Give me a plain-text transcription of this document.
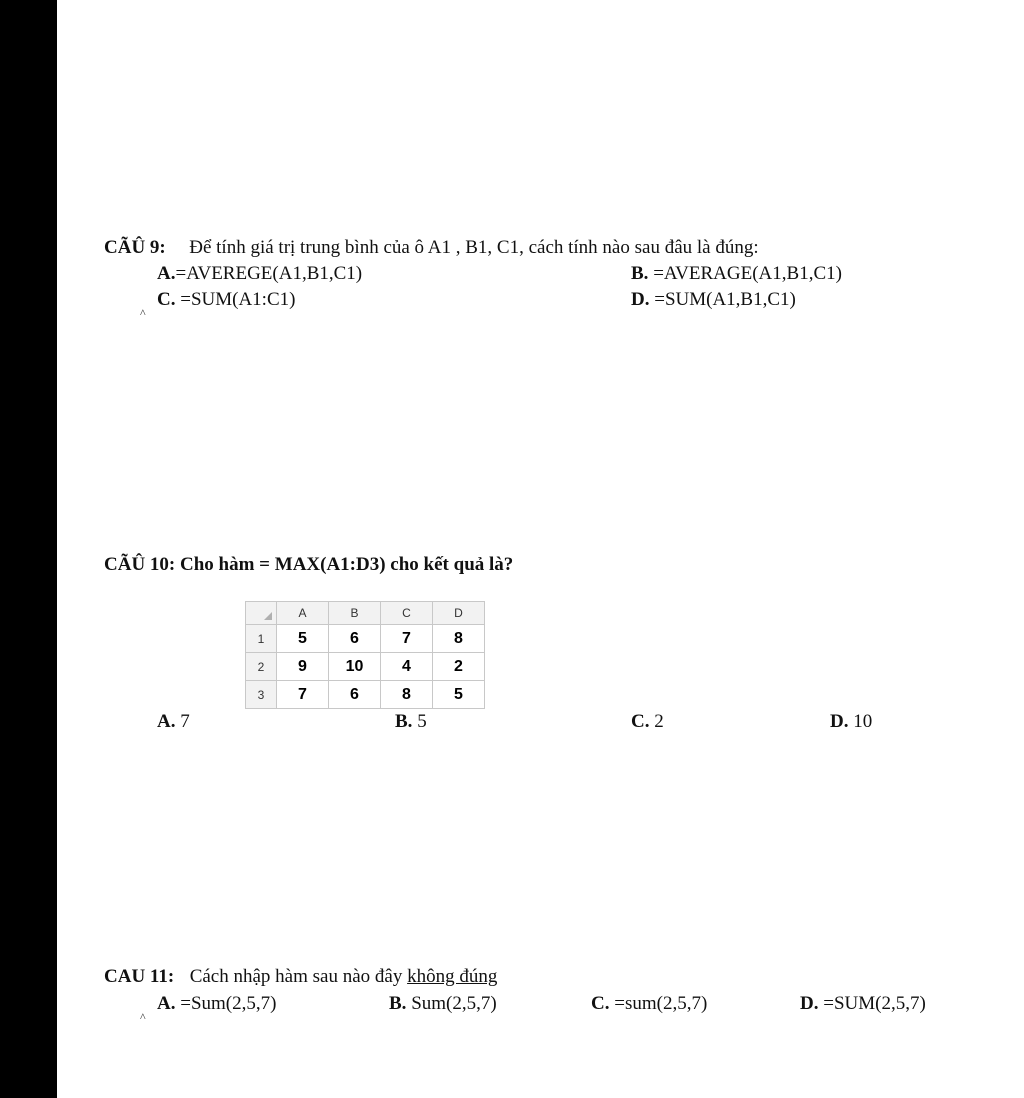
CÃÛ 9: Để tính giá trị trung bình của ô A1 , B1, C1, cách tính nào sau đâu là đúng:
A.=AVEREGE(A1,B1,C1)	B. =AVERAGE(A1,B1,C1)
C. =SUM(A1:C1)	D. =SUM(A1,B1,C1)
^
CÃÛ 10: Cho hàm = MAX(A1:D3) cho kết quả là?
	A	B	C	D
1	5	6	7	8
2	9	10	4	2
3	7	6	8	5
A. 7	B. 5	C. 2	D. 10
CAU 11: Cách nhập hàm sau nào đây không đúng
A. =Sum(2,5,7)	B. Sum(2,5,7)	C. =sum(2,5,7)	D. =SUM(2,5,7)
^
